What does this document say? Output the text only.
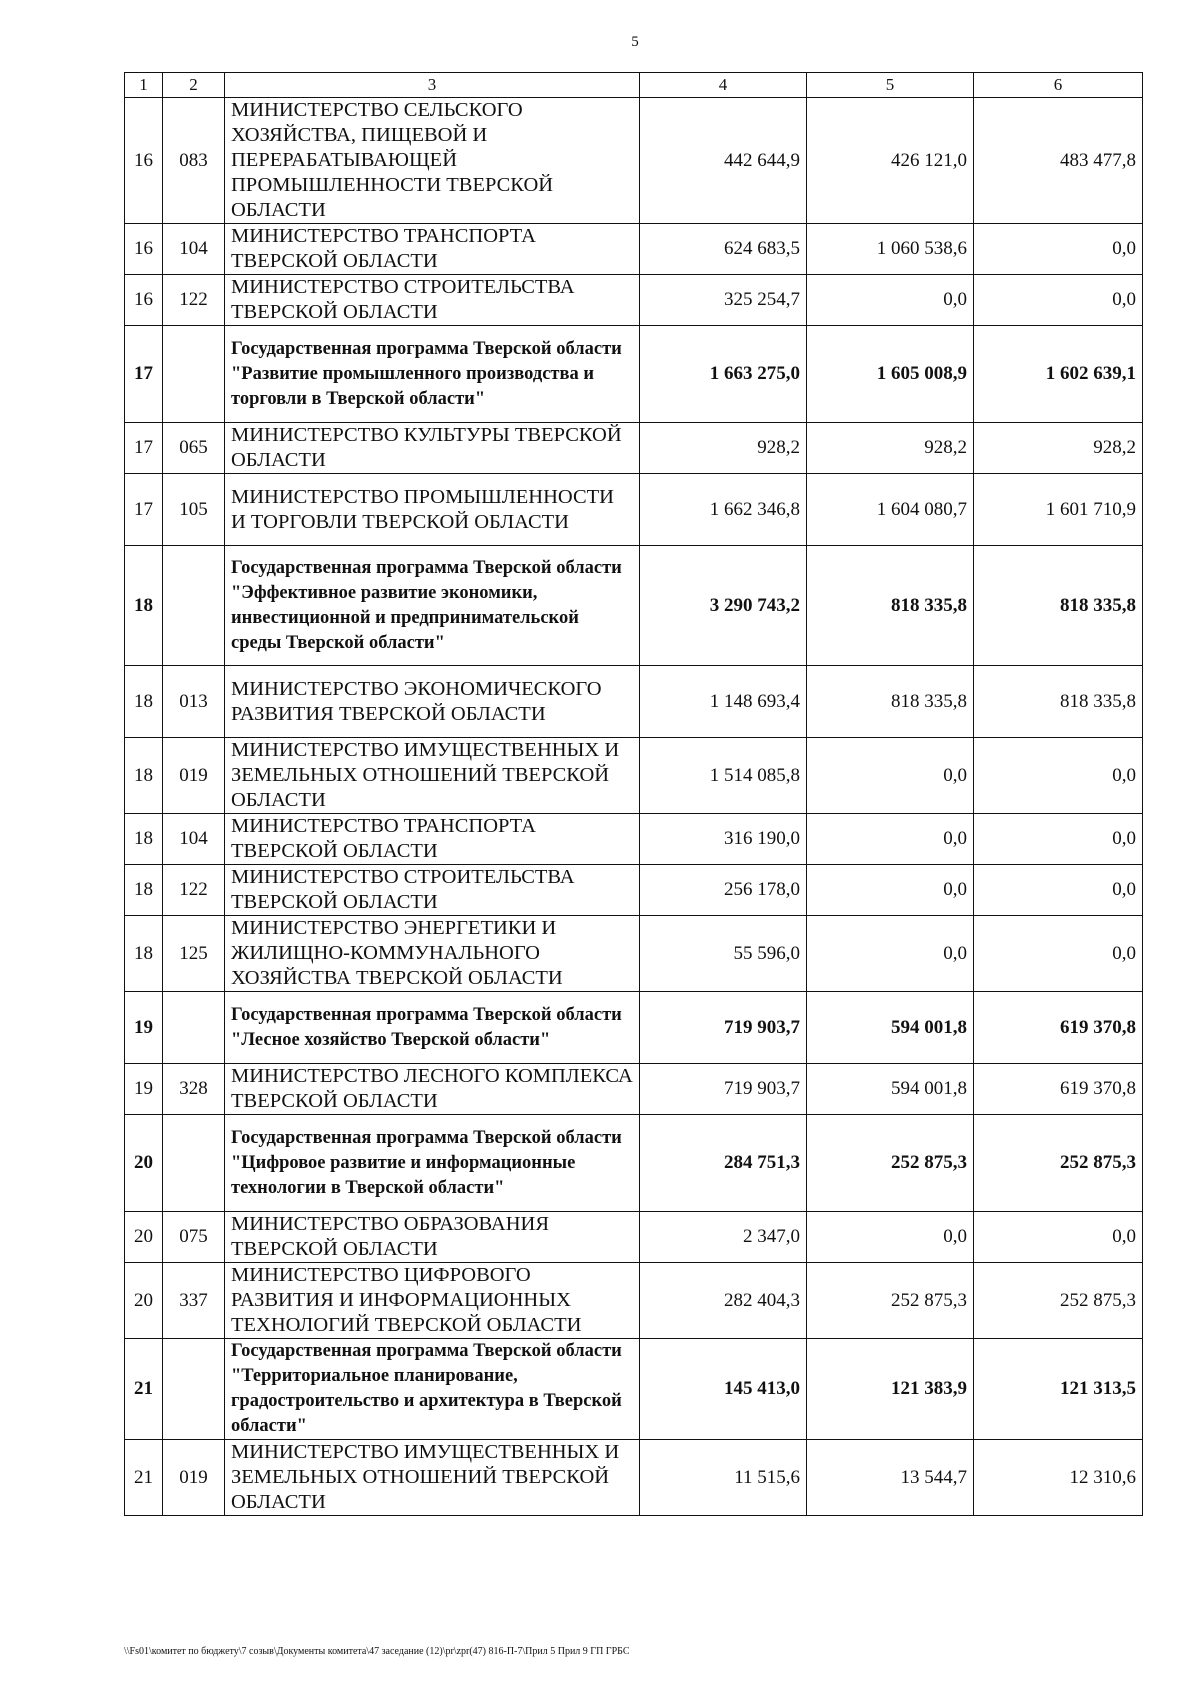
5
1	2	3	4	5	6
16	083	МИНИСТЕРСТВО СЕЛЬСКОГО ХОЗЯЙСТВА, ПИЩЕВОЙ И ПЕРЕРАБАТЫВАЮЩЕЙ ПРОМЫШЛЕННОСТИ ТВЕРСКОЙ ОБЛАСТИ	442 644,9	426 121,0	483 477,8
16	104	МИНИСТЕРСТВО ТРАНСПОРТА ТВЕРСКОЙ ОБЛАСТИ	624 683,5	1 060 538,6	0,0
16	122	МИНИСТЕРСТВО СТРОИТЕЛЬСТВА ТВЕРСКОЙ ОБЛАСТИ	325 254,7	0,0	0,0
17		Государственная программа Тверской области "Развитие промышленного производства и торговли в Тверской области"	1 663 275,0	1 605 008,9	1 602 639,1
17	065	МИНИСТЕРСТВО КУЛЬТУРЫ ТВЕРСКОЙ ОБЛАСТИ	928,2	928,2	928,2
17	105	МИНИСТЕРСТВО ПРОМЫШЛЕННОСТИ И ТОРГОВЛИ ТВЕРСКОЙ ОБЛАСТИ	1 662 346,8	1 604 080,7	1 601 710,9
18		Государственная программа Тверской области "Эффективное развитие экономики, инвестиционной и предпринимательской среды Тверской области"	3 290 743,2	818 335,8	818 335,8
18	013	МИНИСТЕРСТВО ЭКОНОМИЧЕСКОГО РАЗВИТИЯ ТВЕРСКОЙ ОБЛАСТИ	1 148 693,4	818 335,8	818 335,8
18	019	МИНИСТЕРСТВО ИМУЩЕСТВЕННЫХ И ЗЕМЕЛЬНЫХ ОТНОШЕНИЙ ТВЕРСКОЙ ОБЛАСТИ	1 514 085,8	0,0	0,0
18	104	МИНИСТЕРСТВО ТРАНСПОРТА ТВЕРСКОЙ ОБЛАСТИ	316 190,0	0,0	0,0
18	122	МИНИСТЕРСТВО СТРОИТЕЛЬСТВА ТВЕРСКОЙ ОБЛАСТИ	256 178,0	0,0	0,0
18	125	МИНИСТЕРСТВО ЭНЕРГЕТИКИ И ЖИЛИЩНО-КОММУНАЛЬНОГО ХОЗЯЙСТВА ТВЕРСКОЙ ОБЛАСТИ	55 596,0	0,0	0,0
19		Государственная программа Тверской области "Лесное хозяйство Тверской области"	719 903,7	594 001,8	619 370,8
19	328	МИНИСТЕРСТВО ЛЕСНОГО КОМПЛЕКСА ТВЕРСКОЙ ОБЛАСТИ	719 903,7	594 001,8	619 370,8
20		Государственная программа Тверской области "Цифровое развитие и информационные технологии в Тверской области"	284 751,3	252 875,3	252 875,3
20	075	МИНИСТЕРСТВО ОБРАЗОВАНИЯ ТВЕРСКОЙ ОБЛАСТИ	2 347,0	0,0	0,0
20	337	МИНИСТЕРСТВО ЦИФРОВОГО РАЗВИТИЯ И ИНФОРМАЦИОННЫХ ТЕХНОЛОГИЙ ТВЕРСКОЙ ОБЛАСТИ	282 404,3	252 875,3	252 875,3
21		Государственная программа Тверской области "Территориальное планирование, градостроительство и архитектура в Тверской области"	145 413,0	121 383,9	121 313,5
21	019	МИНИСТЕРСТВО ИМУЩЕСТВЕННЫХ И ЗЕМЕЛЬНЫХ ОТНОШЕНИЙ ТВЕРСКОЙ ОБЛАСТИ	11 515,6	13 544,7	12 310,6
\\Fs01\комитет по бюджету\7 созыв\Документы комитета\47 заседание (12)\pr\zpr(47) 816-П-7\Прил 5 Прил 9 ГП ГРБС
